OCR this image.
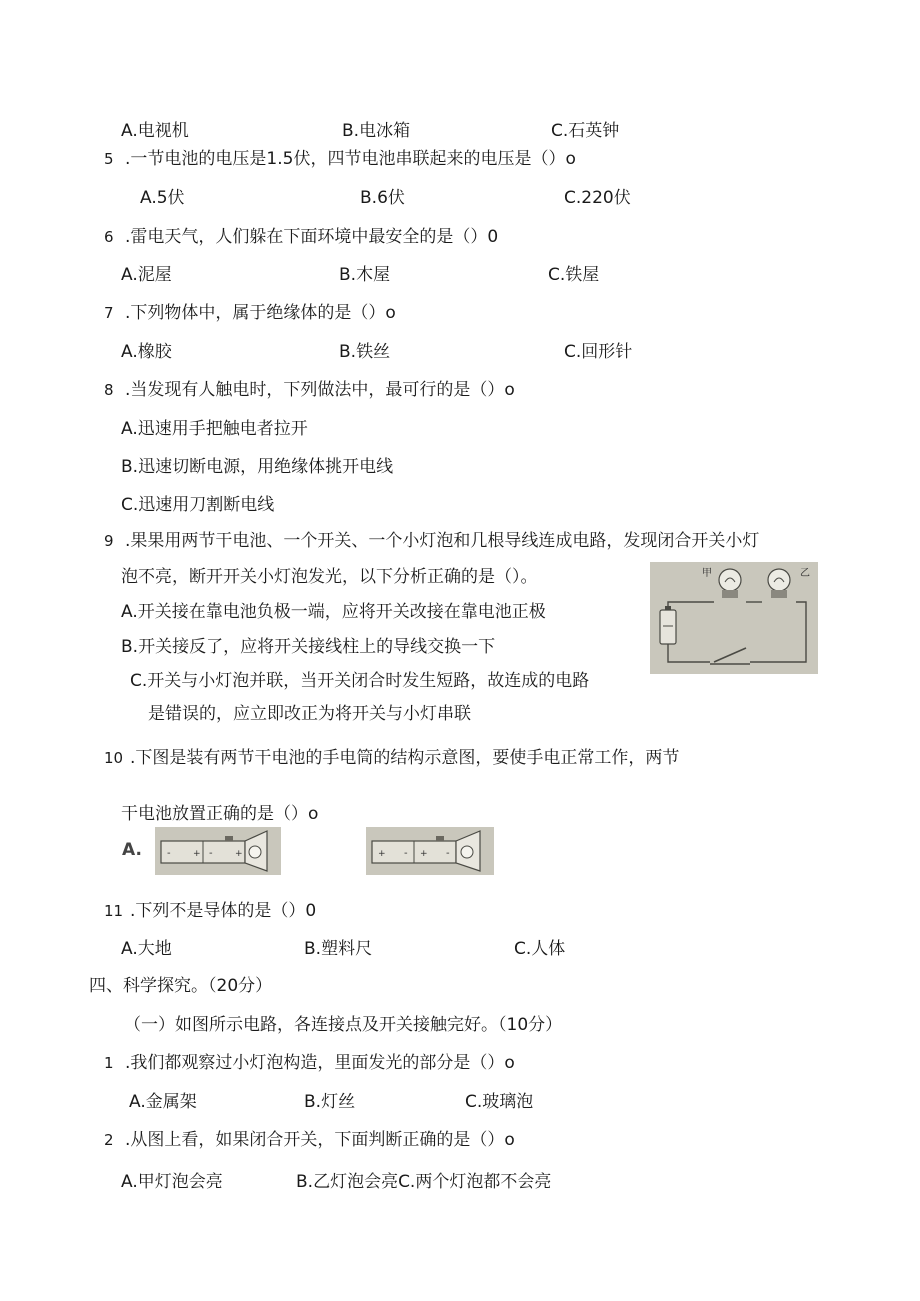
A.电视机	B.电冰箱	C.石英钟
5 .一节电池的电压是1.5伏，四节电池串联起来的电压是（）o
A.5伏	B.6伏	C.220伏
6 .雷电天气，人们躲在下面环境中最安全的是（）0
A.泥屋	B.木屋	C.铁屋
7 .下列物体中，属于绝缘体的是（）o
A.橡胶	B.铁丝	C.回形针
8 .当发现有人触电时，下列做法中，最可行的是（）o
A.迅速用手把触电者拉开
B.迅速切断电源，用绝缘体挑开电线
C.迅速用刀割断电线
9 .果果用两节干电池、一个开关、一个小灯泡和几根导线连成电路，发现闭合开关小灯
泡不亮，断开开关小灯泡发光，以下分析正确的是（）。
A.开关接在靠电池负极一端，应将开关改接在靠电池正极
B.开关接反了，应将开关接线柱上的导线交换一下
C.开关与小灯泡并联，当开关闭合时发生短路，故连成的电路
是错误的，应立即改正为将开关与小灯串联
甲	乙
10 .下图是装有两节干电池的手电筒的结构示意图，要使手电正常工作，两节
干电池放置正确的是（）o
A.	- + - +	+ - + -
11 .下列不是导体的是（）0
A.大地	B.塑料尺	C.人体
四、科学探究。（20分）
（一）如图所示电路，各连接点及开关接触完好。（10分）
1 .我们都观察过小灯泡构造，里面发光的部分是（）o
A.金属架	B.灯丝	C.玻璃泡
2 .从图上看，如果闭合开关，下面判断正确的是（）o
A.甲灯泡会亮	B.乙灯泡会亮C.两个灯泡都不会亮
